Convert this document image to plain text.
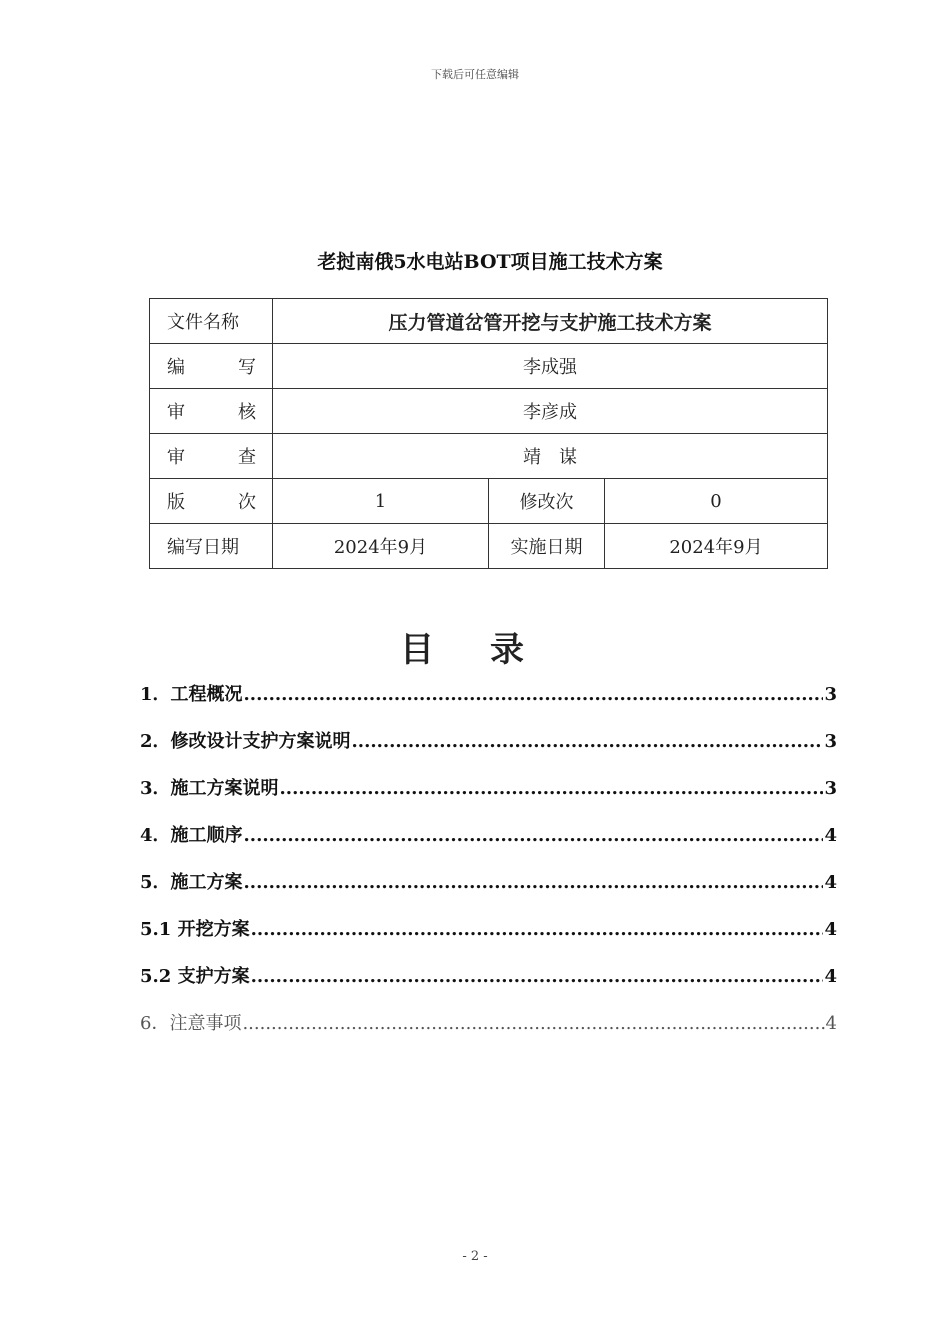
下载后可任意编辑
老挝南俄5水电站BOT项目施工技术方案
文件名称	压力管道岔管开挖与支护施工技术方案		

编 写	李成强		

审 核	李彦成		

审 查	靖　谋		

版 次	1	修改次	0
编写日期	2024年9月	实施日期	2024年9月
目录
1． 工程概况 .....	3
2． 修改设计支护方案说明 .....	3
3． 施工方案说明 .....	3
4． 施工顺序 .....	4
5． 施工方案 .....	4
5.1 开挖方案 .....	4
5.2 支护方案 .....	4
6． 注意事项 .....	4
- 2 -
